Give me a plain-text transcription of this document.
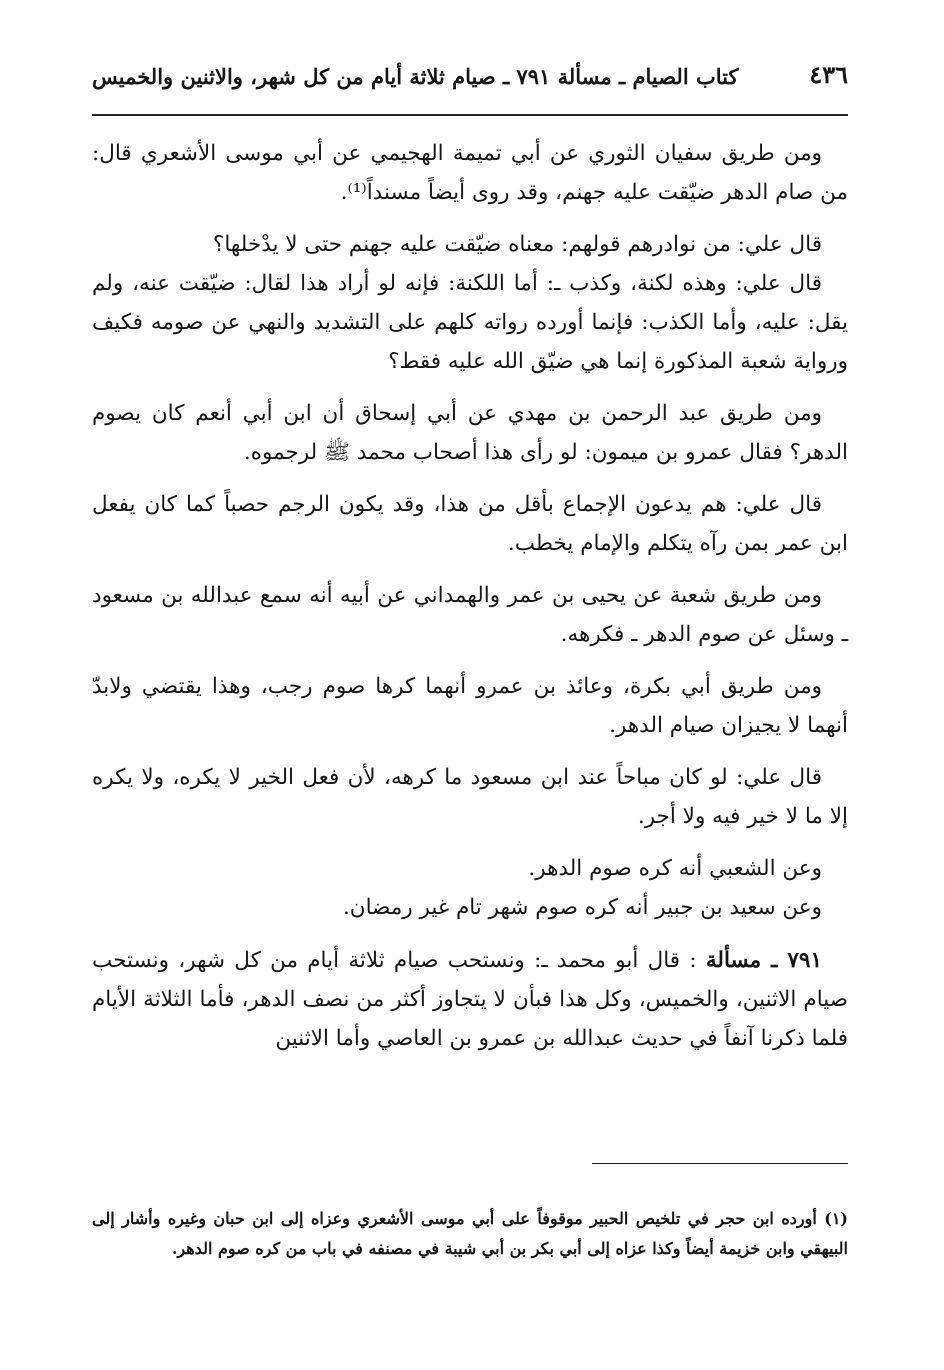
٤٣٦
كتاب الصيام ـ مسألة ٧٩١ ـ صيام ثلاثة أيام من كل شهر، والاثنين والخميس

ومن طريق سفيان الثوري عن أبي تميمة الهجيمي عن أبي موسى الأشعري قال: من صام الدهر ضيّقت عليه جهنم، وقد روى أيضاً مسنداً⁽¹⁾.

قال علي: من نوادرهم قولهم: معناه ضيّقت عليه جهنم حتى لا يدْخلها؟

قال علي: وهذه لكنة، وكذب ـ: أما اللكنة: فإنه لو أراد هذا لقال: ضيّقت عنه، ولم يقل: عليه، وأما الكذب: فإنما أورده رواته كلهم على التشديد والنهي عن صومه فكيف ورواية شعبة المذكورة إنما هي ضيّق الله عليه فقط؟

ومن طريق عبد الرحمن بن مهدي عن أبي إسحاق أن ابن أبي أنعم كان يصوم الدهر؟ فقال عمرو بن ميمون: لو رأى هذا أصحاب محمد ﷺ لرجموه.

قال علي: هم يدعون الإجماع بأقل من هذا، وقد يكون الرجم حصباً كما كان يفعل ابن عمر بمن رآه يتكلم والإمام يخطب.

ومن طريق شعبة عن يحيى بن عمر والهمداني عن أبيه أنه سمع عبدالله بن مسعود ـ وسئل عن صوم الدهر ـ فكرهه.

ومن طريق أبي بكرة، وعائذ بن عمرو أنهما كرها صوم رجب، وهذا يقتضي ولابدّ أنهما لا يجيزان صيام الدهر.

قال علي: لو كان مباحاً عند ابن مسعود ما كرهه، لأن فعل الخير لا يكره، ولا يكره إلا ما لا خير فيه ولا أجر.

وعن الشعبي أنه كره صوم الدهر.

وعن سعيد بن جبير أنه كره صوم شهر تام غير رمضان.

٧٩١ ـ مسألة : قال أبو محمد ـ: ونستحب صيام ثلاثة أيام من كل شهر، ونستحب صيام الاثنين، والخميس، وكل هذا فبأن لا يتجاوز أكثر من نصف الدهر، فأما الثلاثة الأيام فلما ذكرنا آنفاً في حديث عبدالله بن عمرو بن العاصي وأما الاثنين

(١) أورده ابن حجر في تلخيص الحبير موقوفاً على أبي موسى الأشعري وعزاه إلى ابن حبان وغيره وأشار إلى البيهقي وابن خزيمة أيضاً وكذا عزاه إلى أبي بكر بن أبي شيبة في مصنفه في باب من كره صوم الدهر.
